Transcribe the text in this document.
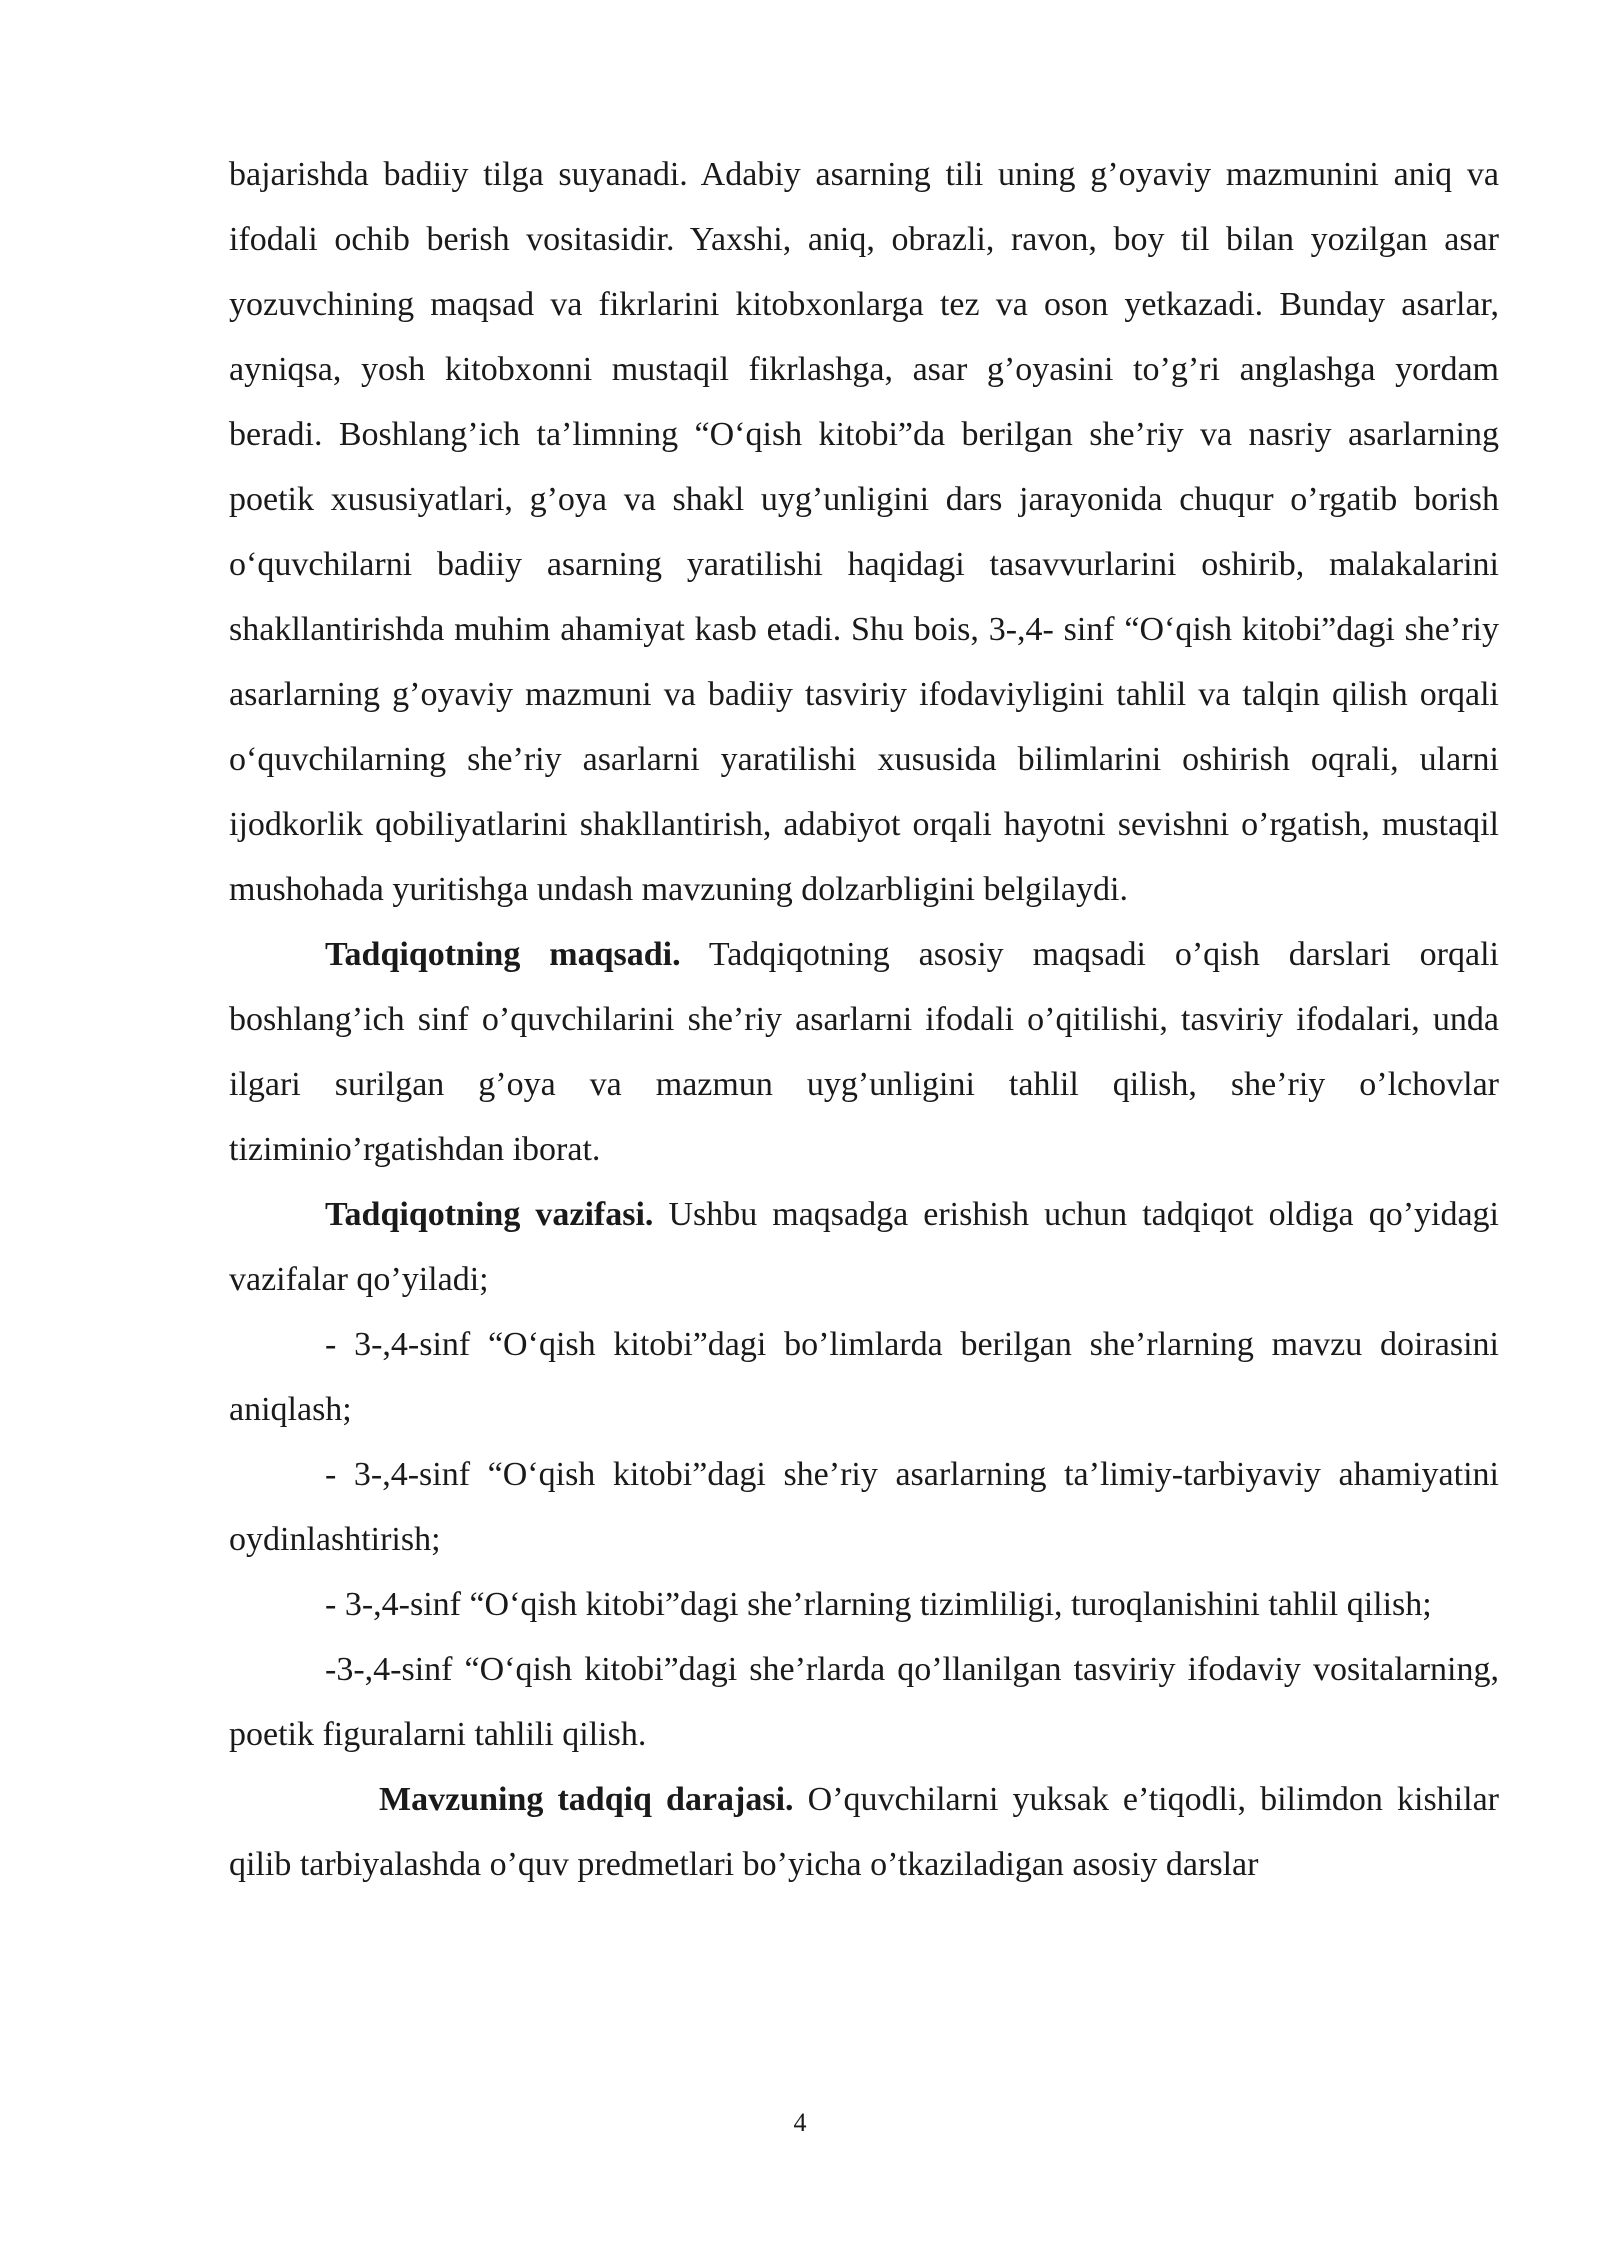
bajarishda badiiy tilga suyanadi. Adabiy asarning tili uning g’oyaviy mazmunini aniq va ifodali ochib berish vositasidir. Yaxshi, aniq, obrazli, ravon, boy til bilan yozilgan asar yozuvchining maqsad va fikrlarini kitobxonlarga tez va oson yetkazadi. Bunday asarlar, ayniqsa, yosh kitobxonni mustaqil fikrlashga, asar g’oyasini to’g’ri anglashga yordam beradi. Boshlang’ich ta’limning “O‘qish kitobi”da berilgan she’riy va nasriy asarlarning poetik xususiyatlari, g’oya va shakl uyg’unligini dars jarayonida chuqur o’rgatib borish o‘quvchilarni badiiy asarning yaratilishi haqidagi tasavvurlarini oshirib, malakalarini shakllantirishda muhim ahamiyat kasb etadi. Shu bois, 3-,4- sinf “O‘qish kitobi”dagi she’riy asarlarning g’oyaviy mazmuni va badiiy tasviriy ifodaviyligini tahlil va talqin qilish orqali o‘quvchilarning she’riy asarlarni yaratilishi xususida bilimlarini oshirish oqrali, ularni ijodkorlik qobiliyatlarini shakllantirish, adabiyot orqali hayotni sevishni o’rgatish, mustaqil mushohada yuritishga undash mavzuning dolzarbligini belgilaydi.

Tadqiqotning maqsadi. Tadqiqotning asosiy maqsadi o’qish darslari orqali boshlang’ich sinf o’quvchilarini she’riy asarlarni ifodali o’qitilishi, tasviriy ifodalari, unda ilgari surilgan g’oya va mazmun uyg’unligini tahlil qilish, she’riy o’lchovlar tiziminio’rgatishdan iborat.

Tadqiqotning vazifasi. Ushbu maqsadga erishish uchun tadqiqot oldiga qo’yidagi vazifalar qo’yiladi;

- 3-,4-sinf “O‘qish kitobi”dagi bo’limlarda berilgan she’rlarning mavzu doirasini aniqlash;

- 3-,4-sinf “O‘qish kitobi”dagi she’riy asarlarning ta’limiy-tarbiyaviy ahamiyatini oydinlashtirish;

- 3-,4-sinf “O‘qish kitobi”dagi she’rlarning tizimliligi, turoqlanishini tahlil qilish;

-3-,4-sinf “O‘qish kitobi”dagi she’rlarda qo’llanilgan tasviriy ifodaviy vositalarning, poetik figuralarni tahlili qilish.

Mavzuning tadqiq darajasi. O’quvchilarni yuksak e’tiqodli, bilimdon kishilar qilib tarbiyalashda o’quv predmetlari bo’yicha o’tkaziladigan asosiy darslar

4
